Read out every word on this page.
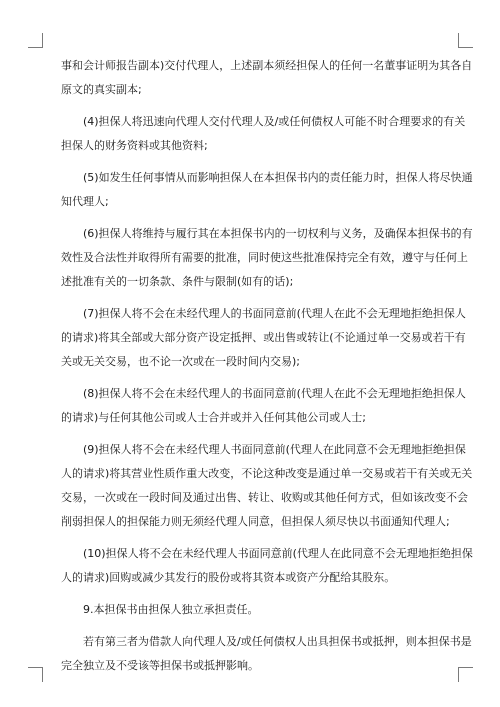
事和会计师报告副本)交付代理人，上述副本须经担保人的任何一名董事证明为其各自
原文的真实副本;
(4)担保人将迅速向代理人交付代理人及/或任何债权人可能不时合理要求的有关
担保人的财务资料或其他资料;
(5)如发生任何事情从而影响担保人在本担保书内的责任能力时，担保人将尽快通
知代理人;
(6)担保人将维持与履行其在本担保书内的一切权利与义务，及确保本担保书的有
效性及合法性并取得所有需要的批准，同时使这些批准保持完全有效，遵守与任何上
述批准有关的一切条款、条件与限制(如有的话);
(7)担保人将不会在未经代理人的书面同意前(代理人在此不会无理地拒绝担保人
的请求)将其全部或大部分资产设定抵押、或出售或转让(不论通过单一交易或若干有
关或无关交易，也不论一次或在一段时间内交易);
(8)担保人将不会在未经代理人的书面同意前(代理人在此不会无理地拒绝担保人
的请求)与任何其他公司或人士合并或并入任何其他公司或人士;
(9)担保人将不会在未经代理人书面同意前(代理人在此同意不会无理地拒绝担保
人的请求)将其营业性质作重大改变，不论这种改变是通过单一交易或若干有关或无关
交易，一次或在一段时间及通过出售、转让、收购或其他任何方式，但如该改变不会
削弱担保人的担保能力则无须经代理人同意，但担保人须尽快以书面通知代理人;
(10)担保人将不会在未经代理人书面同意前(代理人在此同意不会无理地拒绝担保
人的请求)回购或减少其发行的股份或将其资本或资产分配给其股东。
9.本担保书由担保人独立承担责任。
若有第三者为借款人向代理人及/或任何债权人出具担保书或抵押，则本担保书是
完全独立及不受该等担保书或抵押影响。
